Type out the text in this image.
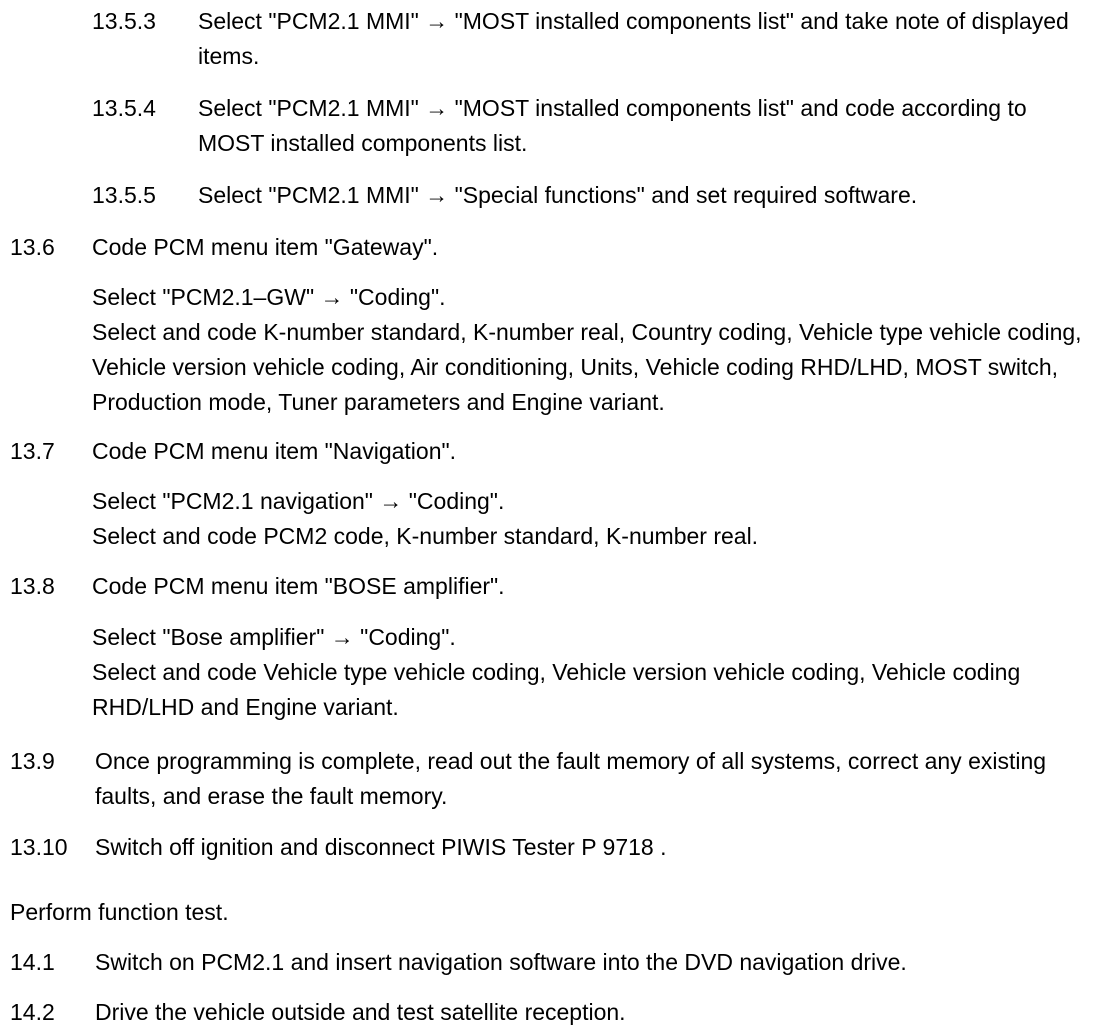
13.5.3 Select "PCM2.1 MMI" → "MOST installed components list" and take note of displayed items.
13.5.4 Select "PCM2.1 MMI" → "MOST installed components list" and code according to MOST installed components list.
13.5.5 Select "PCM2.1 MMI" → "Special functions" and set required software.
13.6 Code PCM menu item "Gateway".

Select "PCM2.1–GW" → "Coding".

Select and code K-number standard, K-number real, Country coding, Vehicle type vehicle coding, Vehicle version vehicle coding, Air conditioning, Units, Vehicle coding RHD/LHD, MOST switch, Production mode, Tuner parameters and Engine variant.

13.7 Code PCM menu item "Navigation".

Select "PCM2.1 navigation" → "Coding".

Select and code PCM2 code, K-number standard, K-number real.

13.8 Code PCM menu item "BOSE amplifier".

Select "Bose amplifier" → "Coding".

Select and code Vehicle type vehicle coding, Vehicle version vehicle coding, Vehicle coding RHD/LHD and Engine variant.

13.9 Once programming is complete, read out the fault memory of all systems, correct any existing faults, and erase the fault memory.
13.10 Switch off ignition and disconnect PIWIS Tester P 9718 .
Perform function test.
14.1 Switch on PCM2.1 and insert navigation software into the DVD navigation drive.
14.2 Drive the vehicle outside and test satellite reception.
